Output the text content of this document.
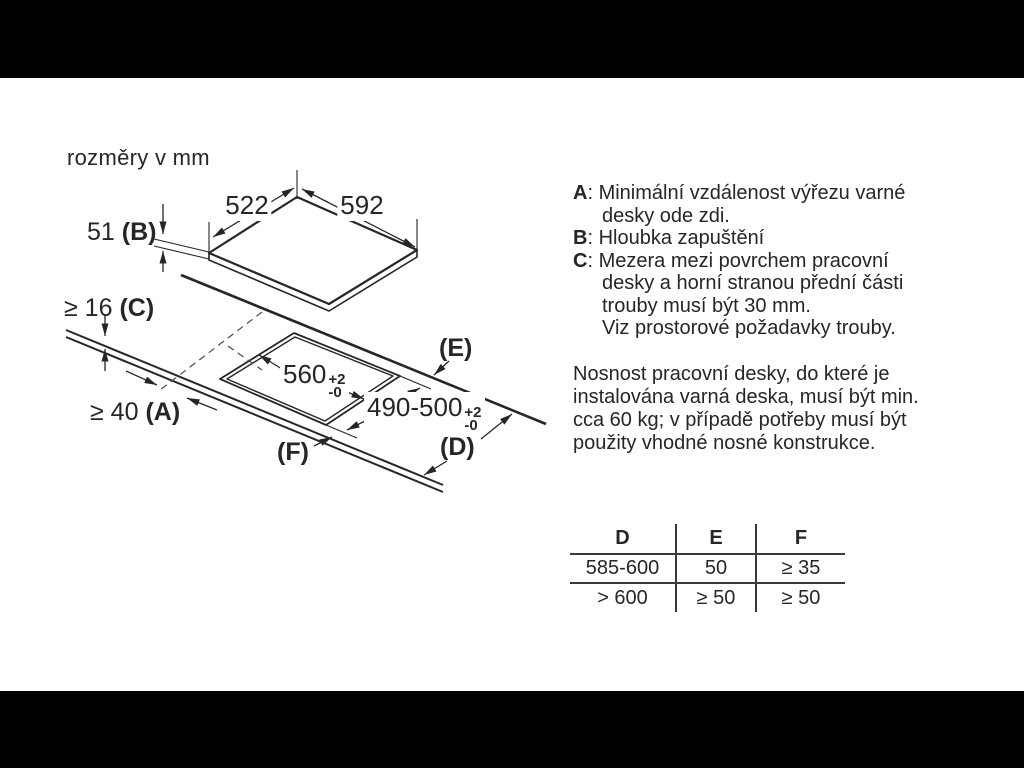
rozměry v mm
522	592
51 (B)
≥ 16 (C)
≥ 40 (A)
560 +2
-0 490-500 +2
-0
(E)
(D)
(F)
A: Minimální vzdálenost výřezu varné
desky ode zdi.
B: Hloubka zapuštění
C: Mezera mezi povrchem pracovní
desky a horní stranou přední části
trouby musí být 30 mm.
Viz prostorové požadavky trouby.
Nosnost pracovní desky, do které je
instalována varná deska, musí být min.
cca 60 kg; v případě potřeby musí být
použity vhodné nosné konstrukce.
D	E	F
585-600	50	≥ 35
> 600	≥ 50	≥ 50
